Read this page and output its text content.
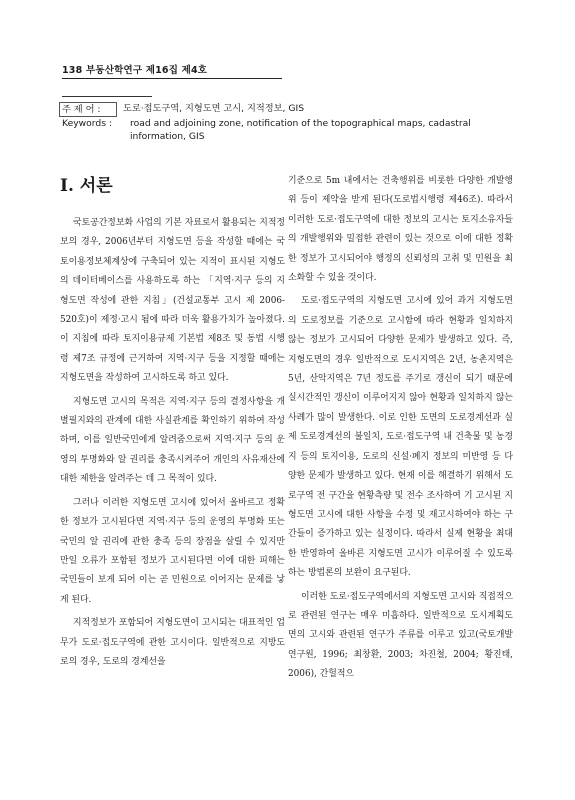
138 부동산학연구 제16집 제4호
주 제 어 :	도로·접도구역, 지형도면 고시, 지적정보, GIS
Keywords :	road and adjoining zone, notification of the topographical maps, cadastral information, GIS
I. 서론

국토공간정보화 사업의 기본 자료로서 활용되는 지적정보의 경우, 2006년부터 지형도면 등을 작성할 때에는 국토이용정보체계상에 구축되어 있는 지적이 표시된 지형도의 데이터베이스를 사용하도록 하는 「지역·지구 등의 지형도면 작성에 관한 지침」(건설교통부 고시 제 2006-520호)이 제정·고시 됨에 따라 더욱 활용가치가 높아졌다. 이 지침에 따라 토지이용규제 기본법 제8조 및 동법 시행령 제7조 규정에 근거하여 지역·지구 등을 지정할 때에는 지형도면을 작성하여 고시하도록 하고 있다.

지형도면 고시의 목적은 지역·지구 등의 결정사항을 개별필지와의 관계에 대한 사실관계를 확인하기 위하여 작성하며, 이를 일반국민에게 알려줌으로써 지역·지구 등의 운영의 투명화와 알 권리를 충족시켜주어 개인의 사유재산에 대한 제한을 알려주는 데 그 목적이 있다.

그러나 이러한 지형도면 고시에 있어서 올바르고 정확한 정보가 고시된다면 지역·지구 등의 운영의 투명화 또는 국민의 알 권리에 관한 충족 등의 장점을 살릴 수 있지만 만일 오류가 포함된 정보가 고시된다면 이에 대한 피해는 국민들이 보게 되어 이는 곧 민원으로 이어지는 문제를 낳게 된다.

지적정보가 포함되어 지형도면이 고시되는 대표적인 업무가 도로·접도구역에 관한 고시이다. 일반적으로 지방도로의 경우, 도로의 경계선을

기준으로 5m 내에서는 건축행위를 비롯한 다양한 개발행위 등이 제약을 받게 된다(도로법시행령 제46조). 따라서 이러한 도로·접도구역에 대한 정보의 고시는 토지소유자들의 개발행위와 밀접한 관련이 있는 것으로 이에 대한 정확한 정보가 고시되어야 행정의 신뢰성의 고취 및 민원을 최소화할 수 있을 것이다.

도로·접도구역의 지형도면 고시에 있어 과거 지형도면의 도로정보를 기준으로 고시함에 따라 현황과 일치하지 않는 정보가 고시되어 다양한 문제가 발생하고 있다. 즉, 지형도면의 경우 일반적으로 도시지역은 2년, 농촌지역은 5년, 산악지역은 7년 정도를 주기로 갱신이 되기 때문에 실시간적인 갱신이 이루어지지 않아 현황과 일치하지 않는 사례가 많이 발생한다. 이로 인한 도면의 도로경계선과 실제 도로경계선의 불일치, 도로·접도구역 내 건축물 및 농경지 등의 토지이용, 도로의 신설·폐지 정보의 미반영 등 다양한 문제가 발생하고 있다. 현재 이를 해결하기 위해서 도로구역 전 구간을 현황측량 및 전수 조사하여 기 고시된 지형도면 고시에 대한 사항을 수정 및 재고시하여야 하는 구간들이 증가하고 있는 실정이다. 따라서 실제 현황을 최대한 반영하여 올바른 지형도면 고시가 이루어질 수 있도록 하는 방법론의 보완이 요구된다.

이러한 도로·접도구역에서의 지형도면 고시와 직접적으로 관련된 연구는 매우 미흡하다. 일반적으로 도시계획도면의 고시와 관련된 연구가 주류를 이루고 있고(국토개발연구원, 1996; 최창환, 2003; 차진철, 2004; 황진태, 2006), 간헐적으
